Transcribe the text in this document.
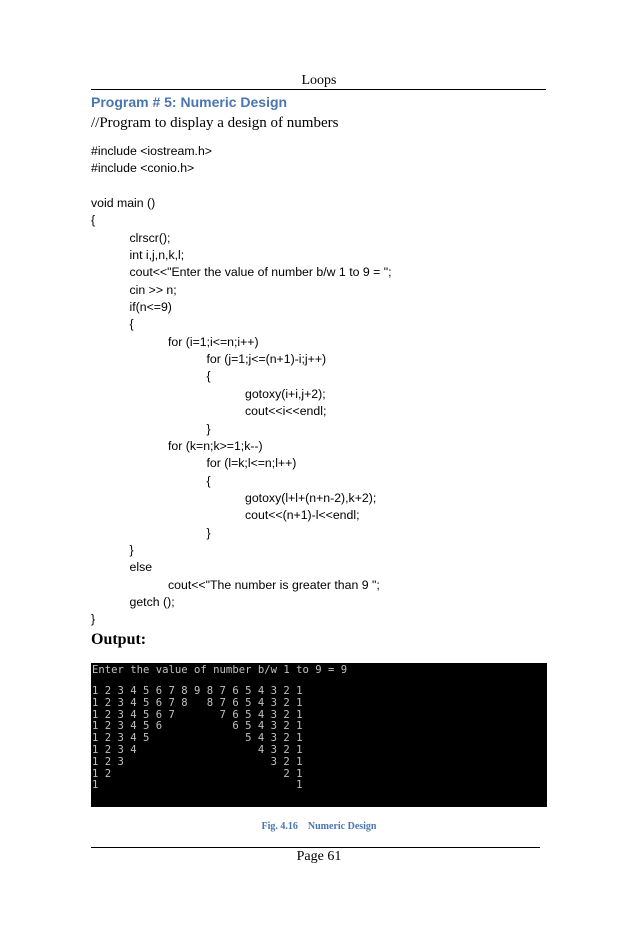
Loops
Program # 5: Numeric Design
//Program to display a design of numbers
#include <iostream.h>
#include <conio.h>
void main ()
{
clrscr();
int i,j,n,k,l;
cout<<"Enter the value of number b/w 1 to 9 = ";
cin >> n;
if(n<=9)
{
for (i=1;i<=n;i++)
for (j=1;j<=(n+1)-i;j++)
{
gotoxy(i+i,j+2);
cout<<i<<endl;
}
for (k=n;k>=1;k--)
for (l=k;l<=n;l++)
{
gotoxy(l+l+(n+n-2),k+2);
cout<<(n+1)-l<<endl;
}
}
else
cout<<"The number is greater than 9 ";
getch ();
}
Output:
Enter the value of number b/w 1 to 9 = 9
1 2 3 4 5 6 7 8 9 8 7 6 5 4 3 2 1
1 2 3 4 5 6 7 8   8 7 6 5 4 3 2 1
1 2 3 4 5 6 7       7 6 5 4 3 2 1
1 2 3 4 5 6           6 5 4 3 2 1
1 2 3 4 5               5 4 3 2 1
1 2 3 4                   4 3 2 1
1 2 3                       3 2 1
1 2                           2 1
1                               1
Fig. 4.16    Numeric Design
Page 61
